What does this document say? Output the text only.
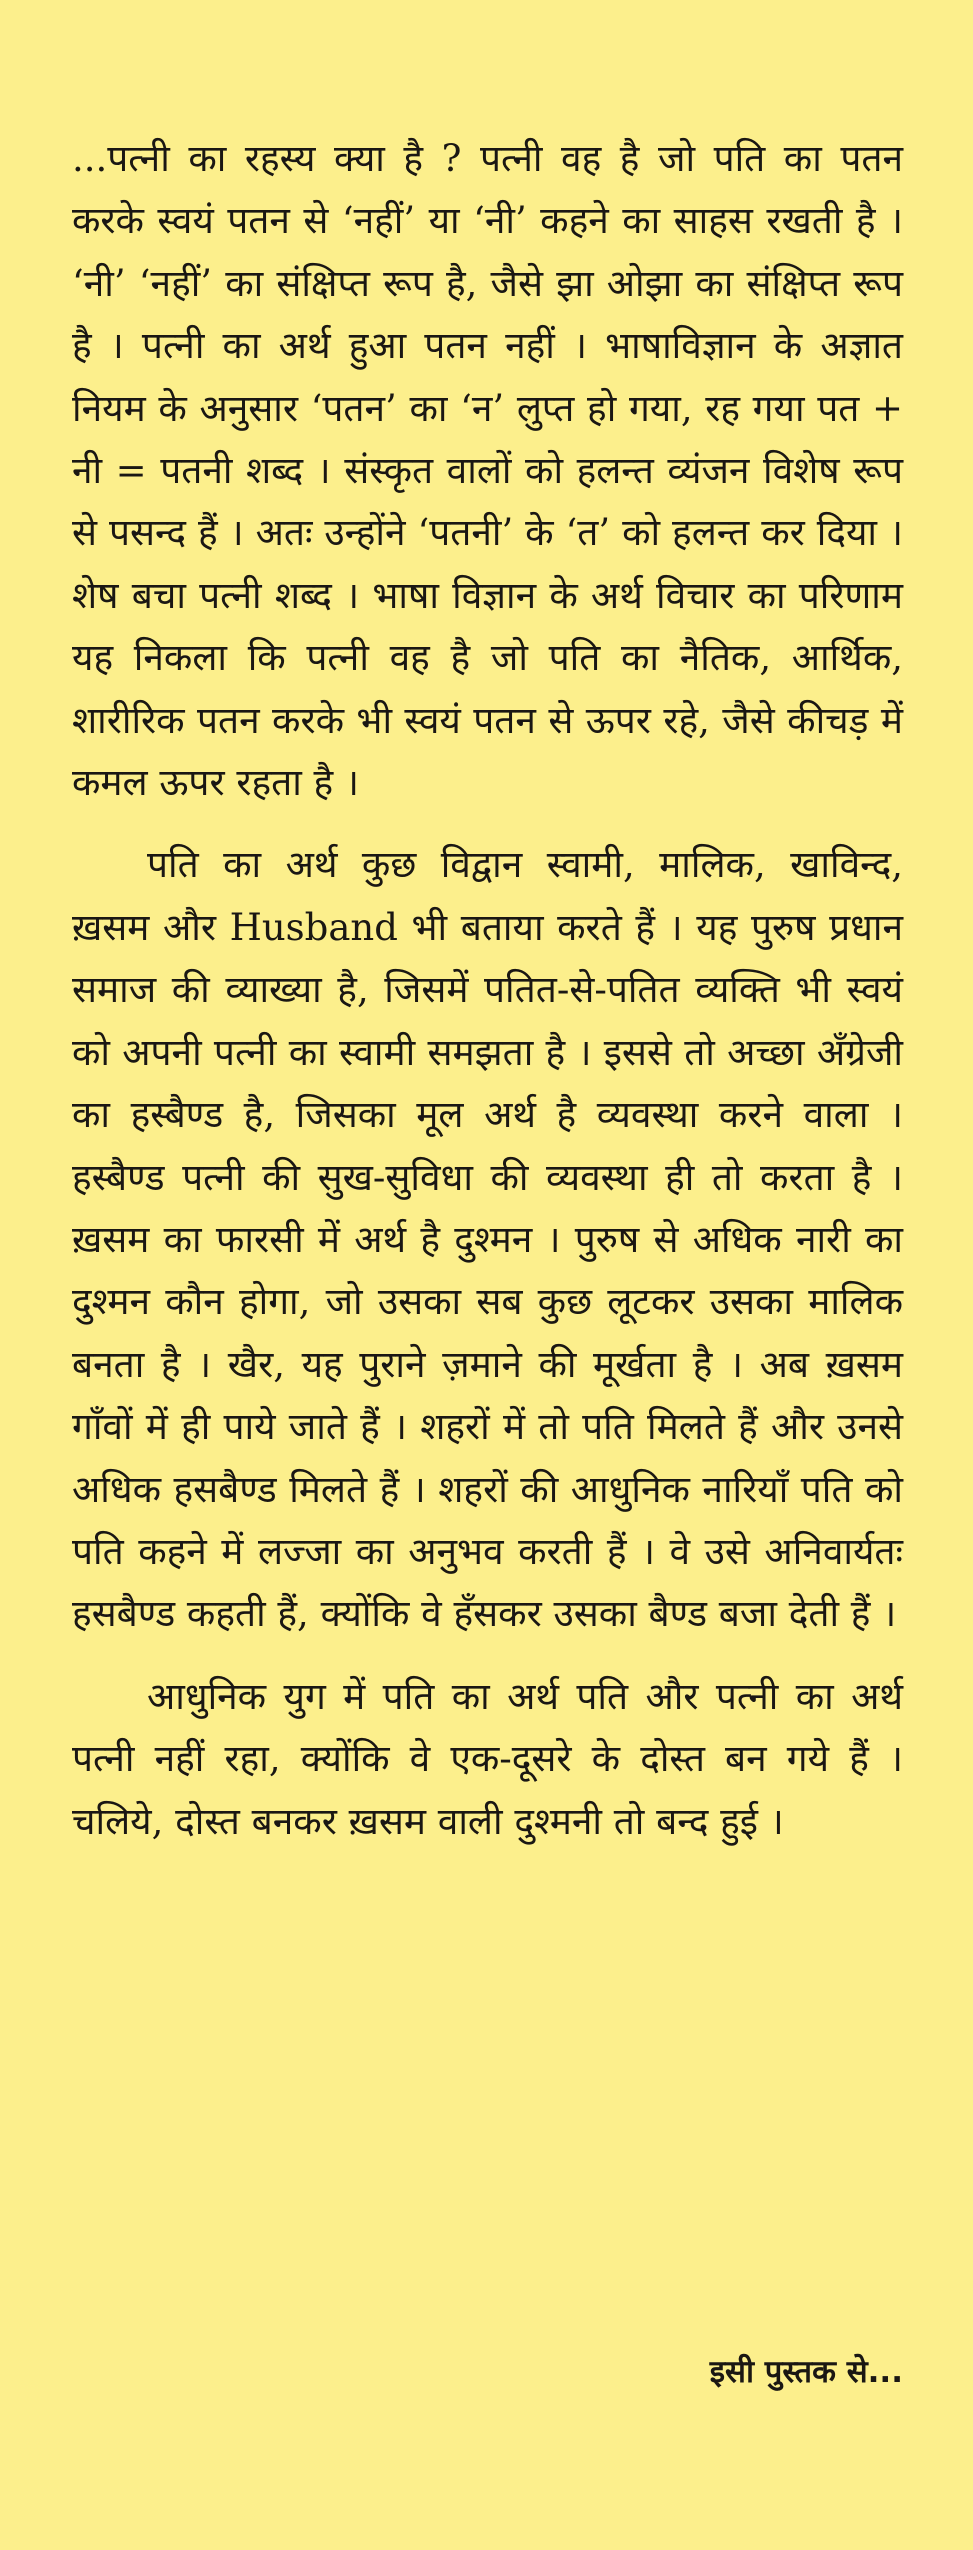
...पत्नी का रहस्य क्या है ? पत्नी वह है जो पति का पतन करके स्वयं पतन से ‘नहीं’ या ‘नी’ कहने का साहस रखती है । ‘नी’ ‘नहीं’ का संक्षिप्त रूप है, जैसे झा ओझा का संक्षिप्त रूप है । पत्नी का अर्थ हुआ पतन नहीं । भाषाविज्ञान के अज्ञात नियम के अनुसार ‘पतन’ का ‘न’ लुप्त हो गया, रह गया पत + नी = पतनी शब्द । संस्कृत वालों को हलन्त व्यंजन विशेष रूप से पसन्द हैं । अतः उन्होंने ‘पतनी’ के ‘त’ को हलन्त कर दिया । शेष बचा पत्नी शब्द । भाषा विज्ञान के अर्थ विचार का परिणाम यह निकला कि पत्नी वह है जो पति का नैतिक, आर्थिक, शारीरिक पतन करके भी स्वयं पतन से ऊपर रहे, जैसे कीचड़ में कमल ऊपर रहता है ।

पति का अर्थ कुछ विद्वान स्वामी, मालिक, खाविन्द, ख़सम और Husband भी बताया करते हैं । यह पुरुष प्रधान समाज की व्याख्या है, जिसमें पतित-से-पतित व्यक्ति भी स्वयं को अपनी पत्नी का स्वामी समझता है । इससे तो अच्छा अँग्रेजी का हस्बैण्ड है, जिसका मूल अर्थ है व्यवस्था करने वाला । हस्बैण्ड पत्नी की सुख-सुविधा की व्यवस्था ही तो करता है । ख़सम का फारसी में अर्थ है दुश्मन । पुरुष से अधिक नारी का दुश्मन कौन होगा, जो उसका सब कुछ लूटकर उसका मालिक बनता है । खैर, यह पुराने ज़माने की मूर्खता है । अब ख़सम गाँवों में ही पाये जाते हैं । शहरों में तो पति मिलते हैं और उनसे अधिक हसबैण्ड मिलते हैं । शहरों की आधुनिक नारियाँ पति को पति कहने में लज्जा का अनुभव करती हैं । वे उसे अनिवार्यतः हसबैण्ड कहती हैं, क्योंकि वे हँसकर उसका बैण्ड बजा देती हैं ।

आधुनिक युग में पति का अर्थ पति और पत्नी का अर्थ पत्नी नहीं रहा, क्योंकि वे एक-दूसरे के दोस्त बन गये हैं । चलिये, दोस्त बनकर ख़सम वाली दुश्मनी तो बन्द हुई ।

इसी पुस्तक से...
